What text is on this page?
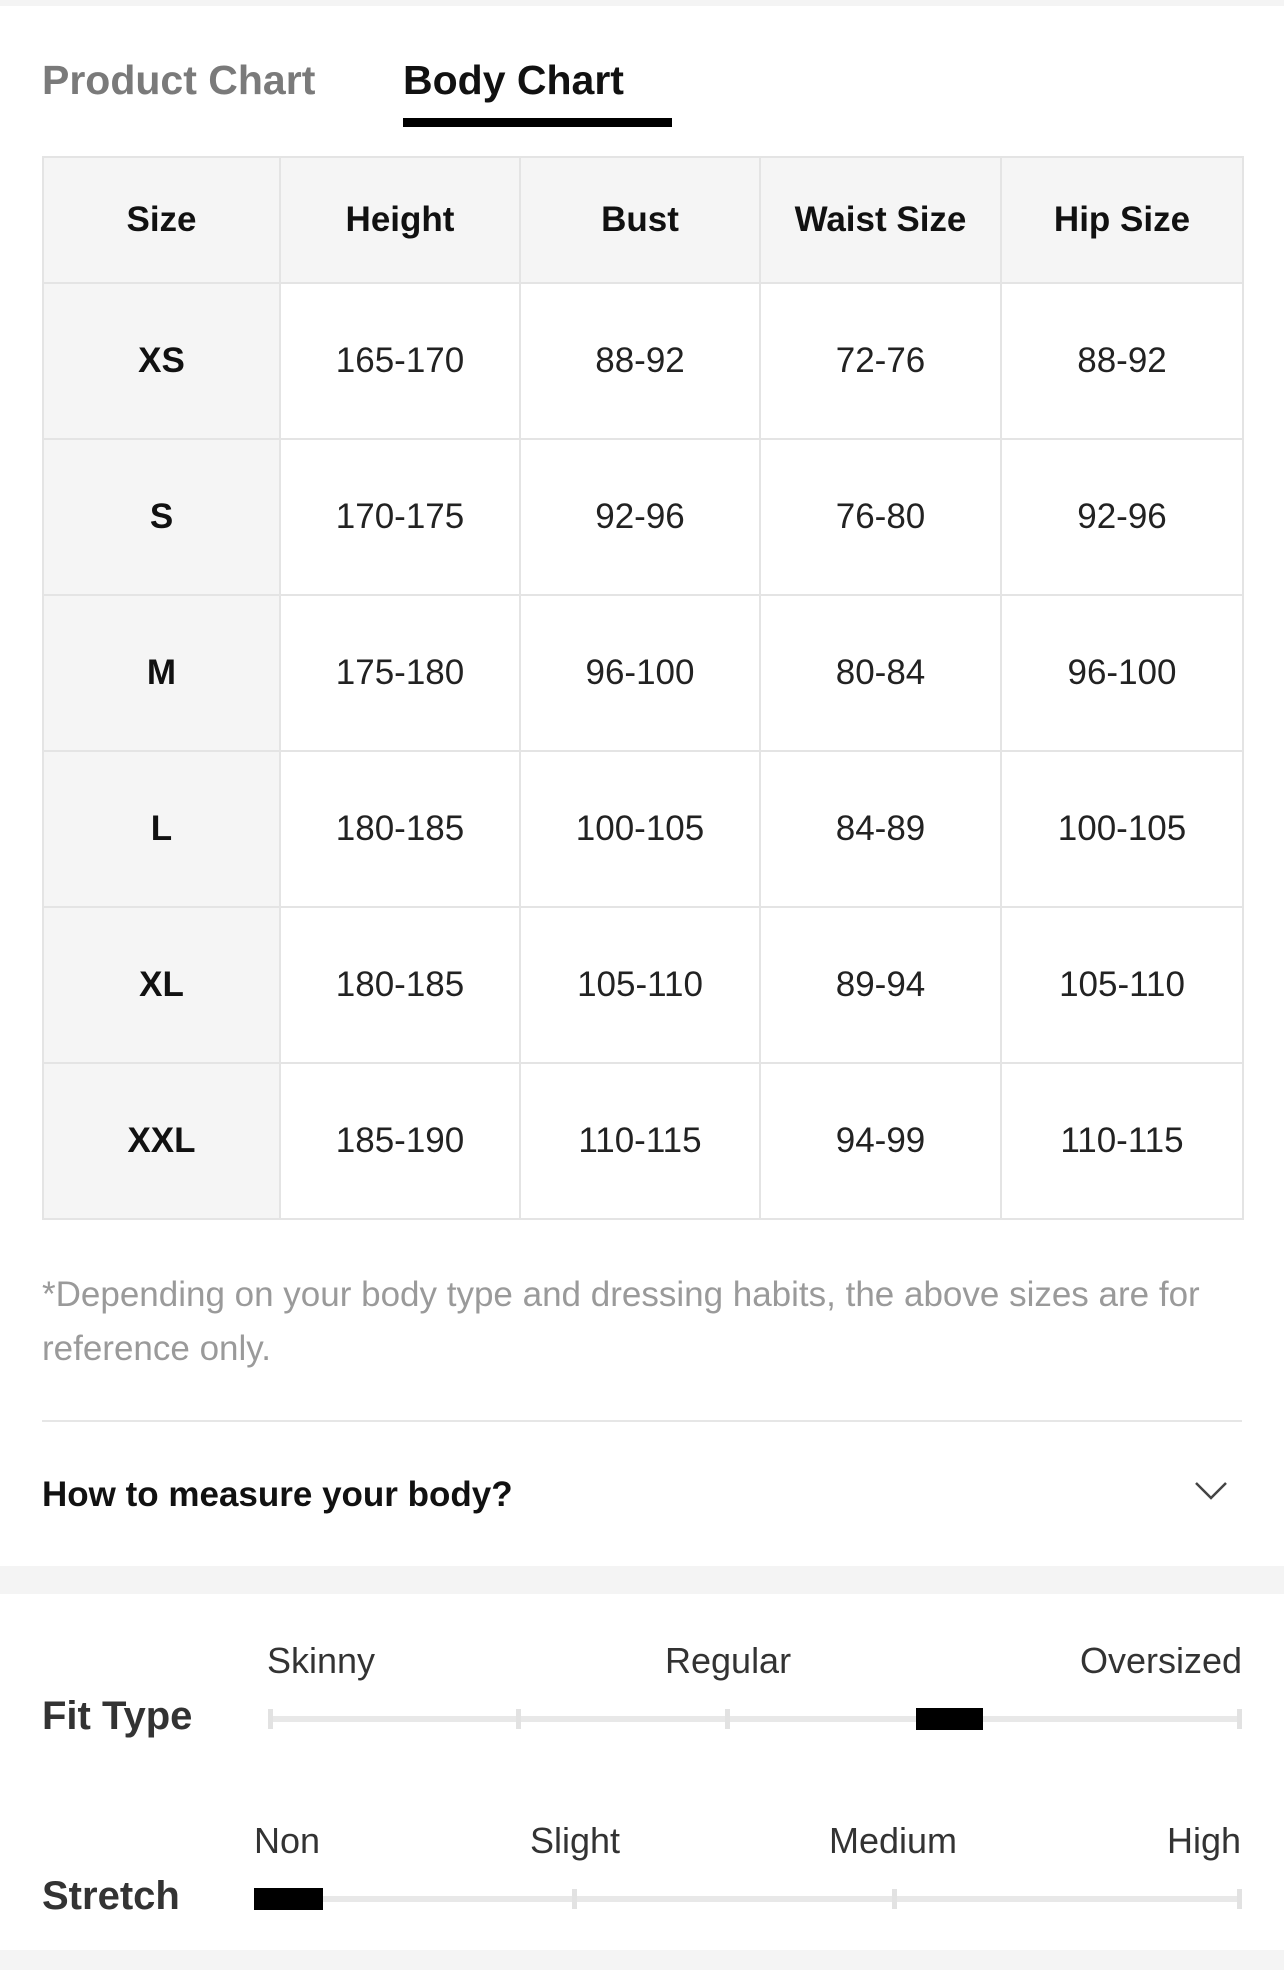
Product Chart Body Chart
Size	Height	Bust	Waist Size	Hip Size
XS	165-170	88-92	72-76	88-92
S	170-175	92-96	76-80	92-96
M	175-180	96-100	80-84	96-100
L	180-185	100-105	84-89	100-105
XL	180-185	105-110	89-94	105-110
XXL	185-190	110-115	94-99	110-115
*Depending on your body type and dressing habits, the above sizes are for reference only.
How to measure your body?
Fit Type
Skinny	Regular	Oversized
Stretch
Non	Slight	Medium	High
